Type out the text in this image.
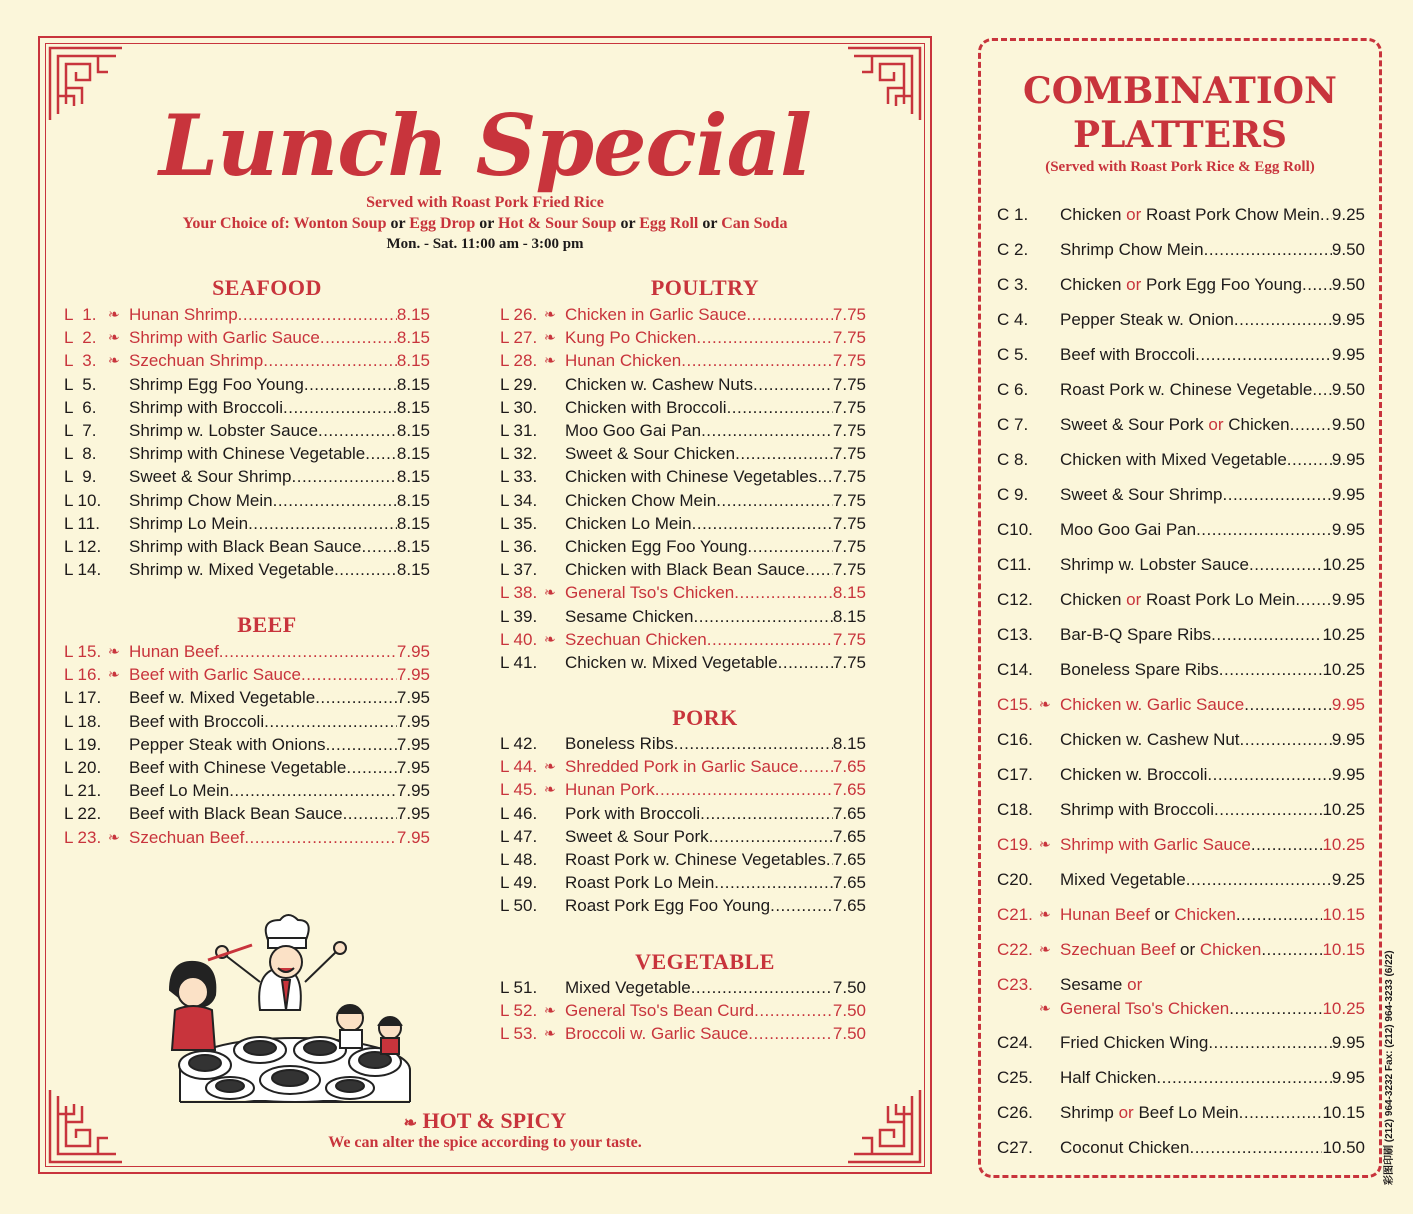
Lunch Special
Served with Roast Pork Fried Rice
Your Choice of: Wonton Soup or Egg Drop or Hot & Sour Soup or Egg Roll or Can Soda
Mon. - Sat. 11:00 am - 3:00 pm
SEAFOOD
BEEF
POULTRY
PORK
VEGETABLE
L  1. ❧ Hunan Shrimp .....	8.15
L  2. ❧ Shrimp with Garlic Sauce .....	8.15
L  3. ❧ Szechuan Shrimp .....	8.15
L  5. Shrimp Egg Foo Young .....	8.15
L  6. Shrimp with Broccoli .....	8.15
L  7. Shrimp w. Lobster Sauce .....	8.15
L  8. Shrimp with Chinese Vegetable ..... 8.15
L  9. Sweet & Sour Shrimp .....	8.15
L 10. Shrimp Chow Mein .....	8.15
L 11. Shrimp Lo Mein .....	8.15
L 12. Shrimp with Black Bean Sauce ..... 8.15
L 14. Shrimp w. Mixed Vegetable .....	8.15
L 15. ❧ Hunan Beef .....	7.95
L 16. ❧ Beef with Garlic Sauce .....	7.95
L 17. Beef w. Mixed Vegetable .....	7.95
L 18. Beef with Broccoli .....	7.95
L 19. Pepper Steak with Onions .....	7.95
L 20. Beef with Chinese Vegetable .....	7.95
L 21. Beef Lo Mein .....	7.95
L 22. Beef with Black Bean Sauce .....	7.95
L 23. ❧ Szechuan Beef .....	7.95
L 26. ❧ Chicken in Garlic Sauce .....	7.75
L 27. ❧ Kung Po Chicken .....	7.75
L 28. ❧ Hunan Chicken .....	7.75
L 29. Chicken w. Cashew Nuts .....	7.75
L 30. Chicken with Broccoli .....	7.75
L 31. Moo Goo Gai Pan .....	7.75
L 32. Sweet & Sour Chicken .....	7.75
L 33. Chicken with Chinese Vegetables ..... 7.75
L 34. Chicken Chow Mein .....	7.75
L 35. Chicken Lo Mein .....	7.75
L 36. Chicken Egg Foo Young .....	7.75
L 37. Chicken with Black Bean Sauce ..... 7.75
L 38. ❧ General Tso's Chicken .....	8.15
L 39. Sesame Chicken .....	8.15
L 40. ❧ Szechuan Chicken .....	7.75
L 41. Chicken w. Mixed Vegetable .....	7.75
L 42. Boneless Ribs .....	8.15
L 44. ❧ Shredded Pork in Garlic Sauce ..... 7.65
L 45. ❧ Hunan Pork .....	7.65
L 46. Pork with Broccoli .....	7.65
L 47. Sweet & Sour Pork .....	7.65
L 48. Roast Pork w. Chinese Vegetables ..... 7.65
L 49. Roast Pork Lo Mein .....	7.65
L 50. Roast Pork Egg Foo Young .....	7.65
L 51. Mixed Vegetable .....	7.50
L 52. ❧ General Tso's Bean Curd .....	7.50
L 53. ❧ Broccoli w. Garlic Sauce .....	7.50
❧ HOT & SPICY
We can alter the spice according to your taste.
COMBINATION
PLATTERS
(Served with Roast Pork Rice & Egg Roll)
C 1. Chicken or Roast Pork Chow Mein ..... 9.25
C 2. Shrimp Chow Mein .....	9.50
C 3. Chicken or Pork Egg Foo Young ..... 9.50
C 4. Pepper Steak w. Onion .....	9.95
C 5. Beef with Broccoli .....	9.95
C 6. Roast Pork w. Chinese Vegetable ..... 9.50
C 7. Sweet & Sour Pork or Chicken ..... 9.50
C 8. Chicken with Mixed Vegetable .....	9.95
C 9. Sweet & Sour Shrimp .....	9.95
C10. Moo Goo Gai Pan .....	9.95
C11. Shrimp w. Lobster Sauce .....	10.25
C12. Chicken or Roast Pork Lo Mein ..... 9.95
C13. Bar-B-Q Spare Ribs .....	10.25
C14. Boneless Spare Ribs .....	10.25
C15. ❧ Chicken w. Garlic Sauce .....	9.95
C16. Chicken w. Cashew Nut .....	9.95
C17. Chicken w. Broccoli .....	9.95
C18. Shrimp with Broccoli .....	10.25
C19. ❧ Shrimp with Garlic Sauce .....	10.25
C20. Mixed Vegetable .....	9.25
C21. ❧ Hunan Beef or Chicken .....	10.15
C22. ❧ Szechuan Beef or Chicken .....	10.15
C23. Sesame or
❧ General Tso's Chicken .....	10.25
C24. Fried Chicken Wing .....	9.95
C25. Half Chicken .....	9.95
C26. Shrimp or Beef Lo Mein .....	10.15
C27. Coconut Chicken .....	10.50	彩图印刷 (212) 964-3232 Fax: (212) 964-3233 (6/22)
